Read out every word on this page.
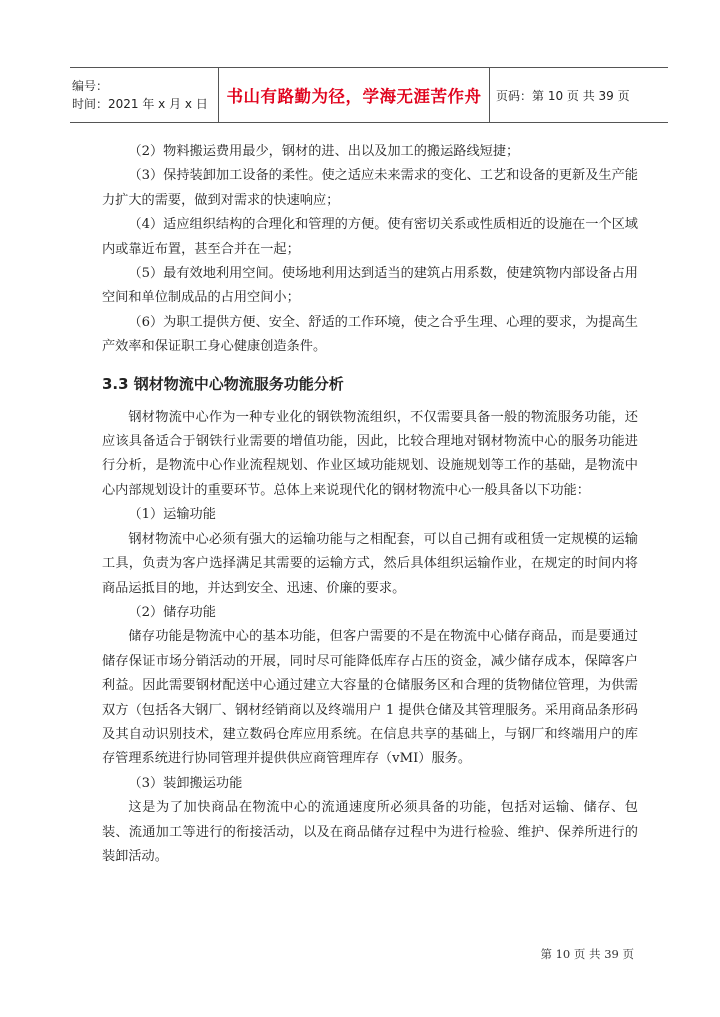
编号：
时间：2021 年 x 月 x 日	书山有路勤为径，学海无涯苦作舟	页码：第 10 页 共 39 页

（2）物料搬运费用最少，钢材的进、出以及加工的搬运路线短捷；

（3）保持装卸加工设备的柔性。使之适应未来需求的变化、工艺和设备的更新及生产能力扩大的需要，做到对需求的快速响应；

（4）适应组织结构的合理化和管理的方便。使有密切关系或性质相近的设施在一个区域内或靠近布置，甚至合并在一起；

（5）最有效地利用空间。使场地利用达到适当的建筑占用系数，使建筑物内部设备占用空间和单位制成品的占用空间小；

（6）为职工提供方便、安全、舒适的工作环境，使之合乎生理、心理的要求，为提高生产效率和保证职工身心健康创造条件。

3.3 钢材物流中心物流服务功能分析

钢材物流中心作为一种专业化的钢铁物流组织，不仅需要具备一般的物流服务功能，还应该具备适合于钢铁行业需要的增值功能，因此，比较合理地对钢材物流中心的服务功能进行分析，是物流中心作业流程规划、作业区域功能规划、设施规划等工作的基础，是物流中心内部规划设计的重要环节。总体上来说现代化的钢材物流中心一般具备以下功能：

（1）运输功能

钢材物流中心必须有强大的运输功能与之相配套，可以自己拥有或租赁一定规模的运输工具，负责为客户选择满足其需要的运输方式，然后具体组织运输作业，在规定的时间内将商品运抵目的地，并达到安全、迅速、价廉的要求。

（2）储存功能

储存功能是物流中心的基本功能，但客户需要的不是在物流中心储存商品，而是要通过储存保证市场分销活动的开展，同时尽可能降低库存占压的资金，减少储存成本，保障客户利益。因此需要钢材配送中心通过建立大容量的仓储服务区和合理的货物储位管理，为供需双方（包括各大钢厂、钢材经销商以及终端用户 1 提供仓储及其管理服务。采用商品条形码及其自动识别技术，建立数码仓库应用系统。在信息共享的基础上，与钢厂和终端用户的库存管理系统进行协同管理并提供供应商管理库存（vMI）服务。

（3）装卸搬运功能

这是为了加快商品在物流中心的流通速度所必须具备的功能，包括对运输、储存、包装、流通加工等进行的衔接活动，以及在商品储存过程中为进行检验、维护、保养所进行的装卸活动。

第 10 页 共 39 页
